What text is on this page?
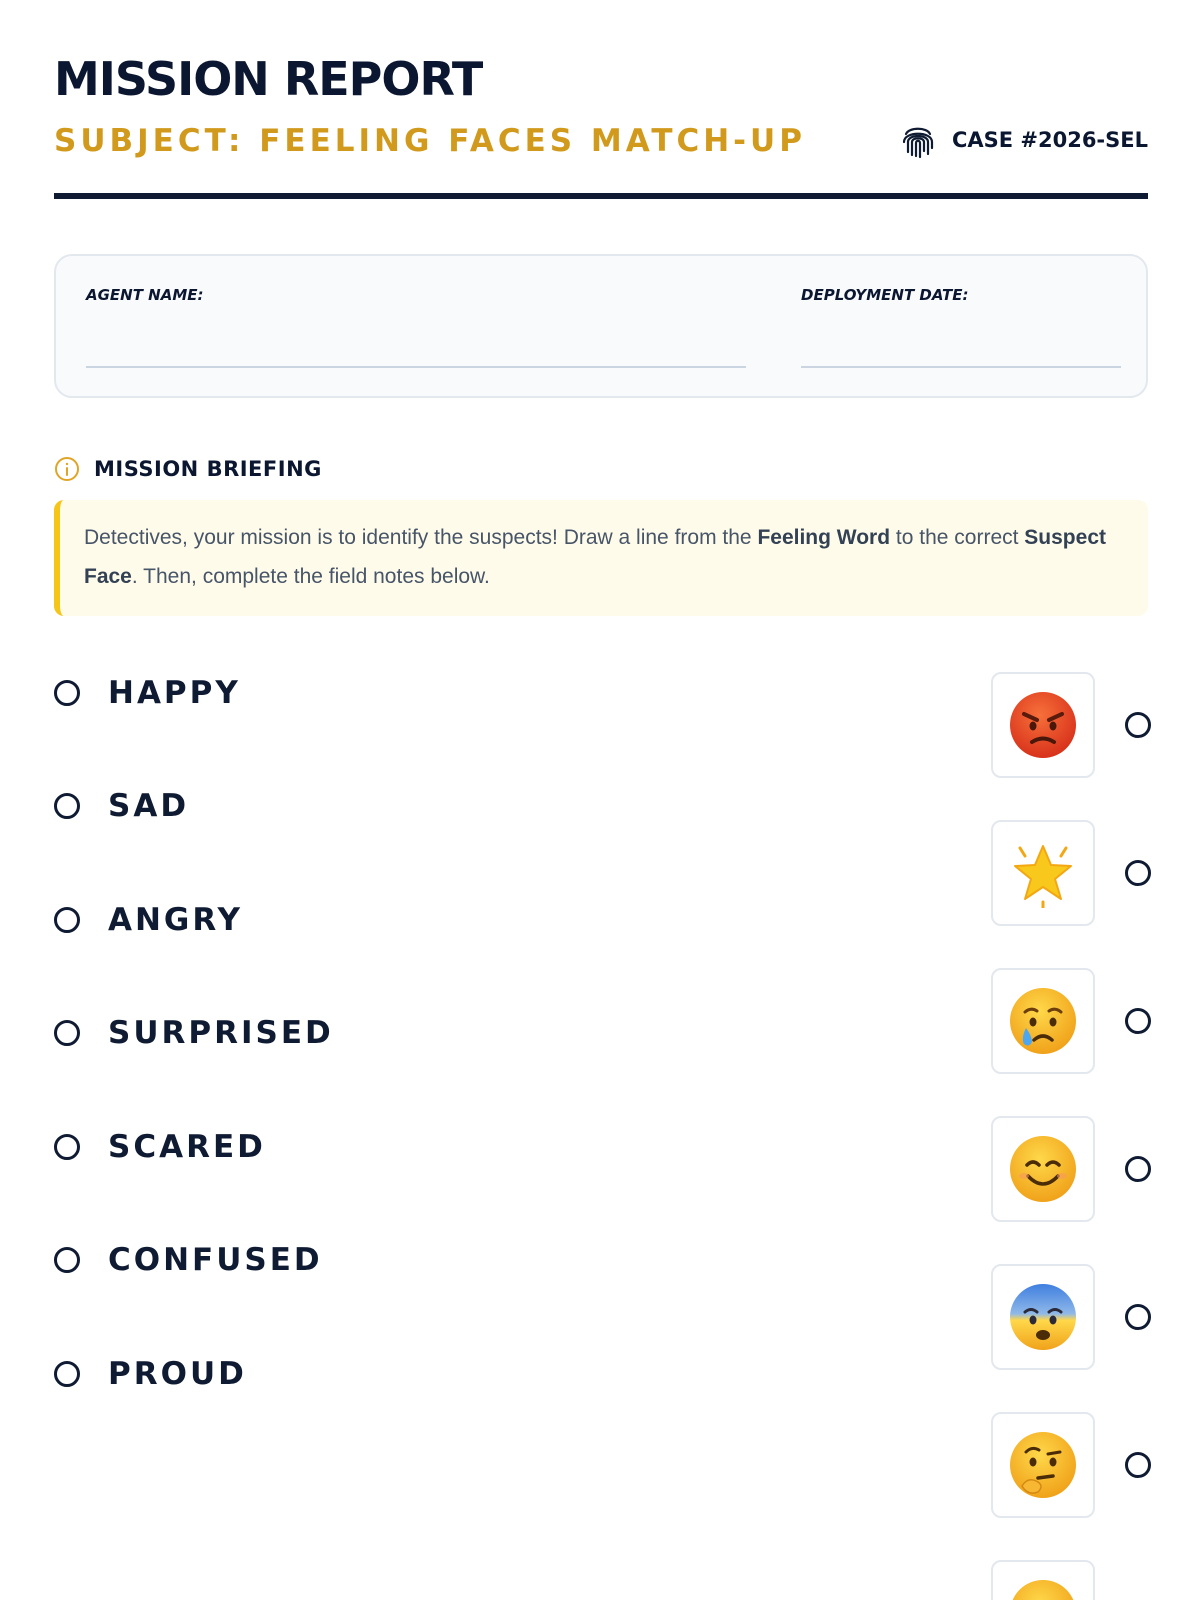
MISSION REPORT
SUBJECT: FEELING FACES MATCH-UP	CASE #2026-SEL
AGENT NAME:	DEPLOYMENT DATE:
MISSION BRIEFING
Detectives, your mission is to identify the suspects! Draw a line from the Feeling Word to the correct Suspect Face. Then, complete the field notes below.
HAPPY
SAD
ANGRY
SURPRISED
SCARED
CONFUSED
PROUD
